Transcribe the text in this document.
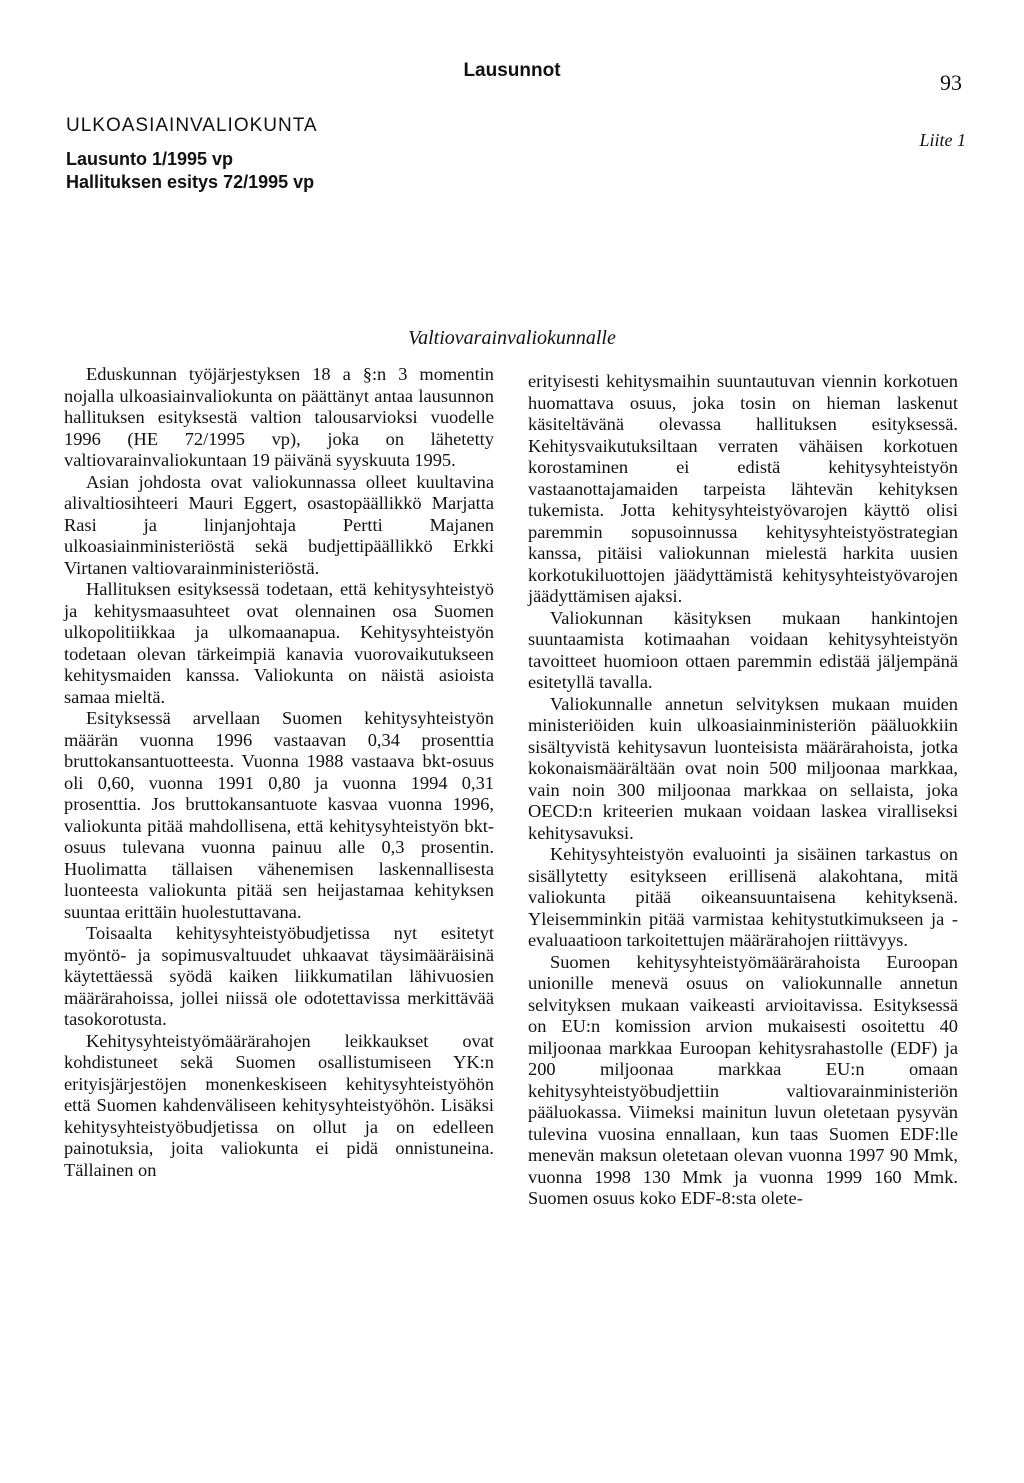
Lausunnot	93
ULKOASIAINVALIOKUNTA
Lausunto 1/1995 vp
Hallituksen esitys 72/1995 vp
Liite 1
Valtiovarainvaliokunnalle

Eduskunnan työjärjestyksen 18 a §:n 3 momentin nojalla ulkoasiainvaliokunta on päättänyt antaa lausunnon hallituksen esityksestä valtion talousarvioksi vuodelle 1996 (HE 72/1995 vp), joka on lähetetty valtiovarainvaliokuntaan 19 päivänä syyskuuta 1995.

Asian johdosta ovat valiokunnassa olleet kuultavina alivaltiosihteeri Mauri Eggert, osastopäällikkö Marjatta Rasi ja linjanjohtaja Pertti Majanen ulkoasiainministeriöstä sekä budjettipäällikkö Erkki Virtanen valtiovarainministeriöstä.

Hallituksen esityksessä todetaan, että kehitysyhteistyö ja kehitysmaasuhteet ovat olennainen osa Suomen ulkopolitiikkaa ja ulkomaanapua. Kehitysyhteistyön todetaan olevan tärkeimpiä kanavia vuorovaikutukseen kehitysmaiden kanssa. Valiokunta on näistä asioista samaa mieltä.

Esityksessä arvellaan Suomen kehitysyhteistyön määrän vuonna 1996 vastaavan 0,34 prosenttia bruttokansantuotteesta. Vuonna 1988 vastaava bkt-osuus oli 0,60, vuonna 1991 0,80 ja vuonna 1994 0,31 prosenttia. Jos bruttokansantuote kasvaa vuonna 1996, valiokunta pitää mahdollisena, että kehitysyhteistyön bkt-osuus tulevana vuonna painuu alle 0,3 prosentin. Huolimatta tällaisen vähenemisen laskennallisesta luonteesta valiokunta pitää sen heijastamaa kehityksen suuntaa erittäin huolestuttavana.

Toisaalta kehitysyhteistyöbudjetissa nyt esitetyt myöntö- ja sopimusvaltuudet uhkaavat täysimääräisinä käytettäessä syödä kaiken liikkumatilan lähivuosien määrärahoissa, jollei niissä ole odotettavissa merkittävää tasokorotusta.

Kehitysyhteistyömäärärahojen leikkaukset ovat kohdistuneet sekä Suomen osallistumiseen YK:n erityisjärjestöjen monenkeskiseen kehitysyhteistyöhön että Suomen kahdenväliseen kehitysyhteistyöhön. Lisäksi kehitysyhteistyöbudjetissa on ollut ja on edelleen painotuksia, joita valiokunta ei pidä onnistuneina. Tällainen on

erityisesti kehitysmaihin suuntautuvan viennin korkotuen huomattava osuus, joka tosin on hieman laskenut käsiteltävänä olevassa hallituksen esityksessä. Kehitysvaikutuksiltaan verraten vähäisen korkotuen korostaminen ei edistä kehitysyhteistyön vastaanottajamaiden tarpeista lähtevän kehityksen tukemista. Jotta kehitysyhteistyövarojen käyttö olisi paremmin sopusoinnussa kehitysyhteistyöstrategian kanssa, pitäisi valiokunnan mielestä harkita uusien korkotukiluottojen jäädyttämistä kehitysyhteistyövarojen jäädyttämisen ajaksi.

Valiokunnan käsityksen mukaan hankintojen suuntaamista kotimaahan voidaan kehitysyhteistyön tavoitteet huomioon ottaen paremmin edistää jäljempänä esitetyllä tavalla.

Valiokunnalle annetun selvityksen mukaan muiden ministeriöiden kuin ulkoasiainministeriön pääluokkiin sisältyvistä kehitysavun luonteisista määrärahoista, jotka kokonaismäärältään ovat noin 500 miljoonaa markkaa, vain noin 300 miljoonaa markkaa on sellaista, joka OECD:n kriteerien mukaan voidaan laskea viralliseksi kehitysavuksi.

Kehitysyhteistyön evaluointi ja sisäinen tarkastus on sisällytetty esitykseen erillisenä alakohtana, mitä valiokunta pitää oikeansuuntaisena kehityksenä. Yleisemminkin pitää varmistaa kehitystutkimukseen ja -evaluaatioon tarkoitettujen määrärahojen riittävyys.

Suomen kehitysyhteistyömäärärahoista Euroopan unionille menevä osuus on valiokunnalle annetun selvityksen mukaan vaikeasti arvioitavissa. Esityksessä on EU:n komission arvion mukaisesti osoitettu 40 miljoonaa markkaa Euroopan kehitysrahastolle (EDF) ja 200 miljoonaa markkaa EU:n omaan kehitysyhteistyöbudjettiin valtiovarainministeriön pääluokassa. Viimeksi mainitun luvun oletetaan pysyvän tulevina vuosina ennallaan, kun taas Suomen EDF:lle menevän maksun oletetaan olevan vuonna 1997 90 Mmk, vuonna 1998 130 Mmk ja vuonna 1999 160 Mmk. Suomen osuus koko EDF-8:sta olete-
